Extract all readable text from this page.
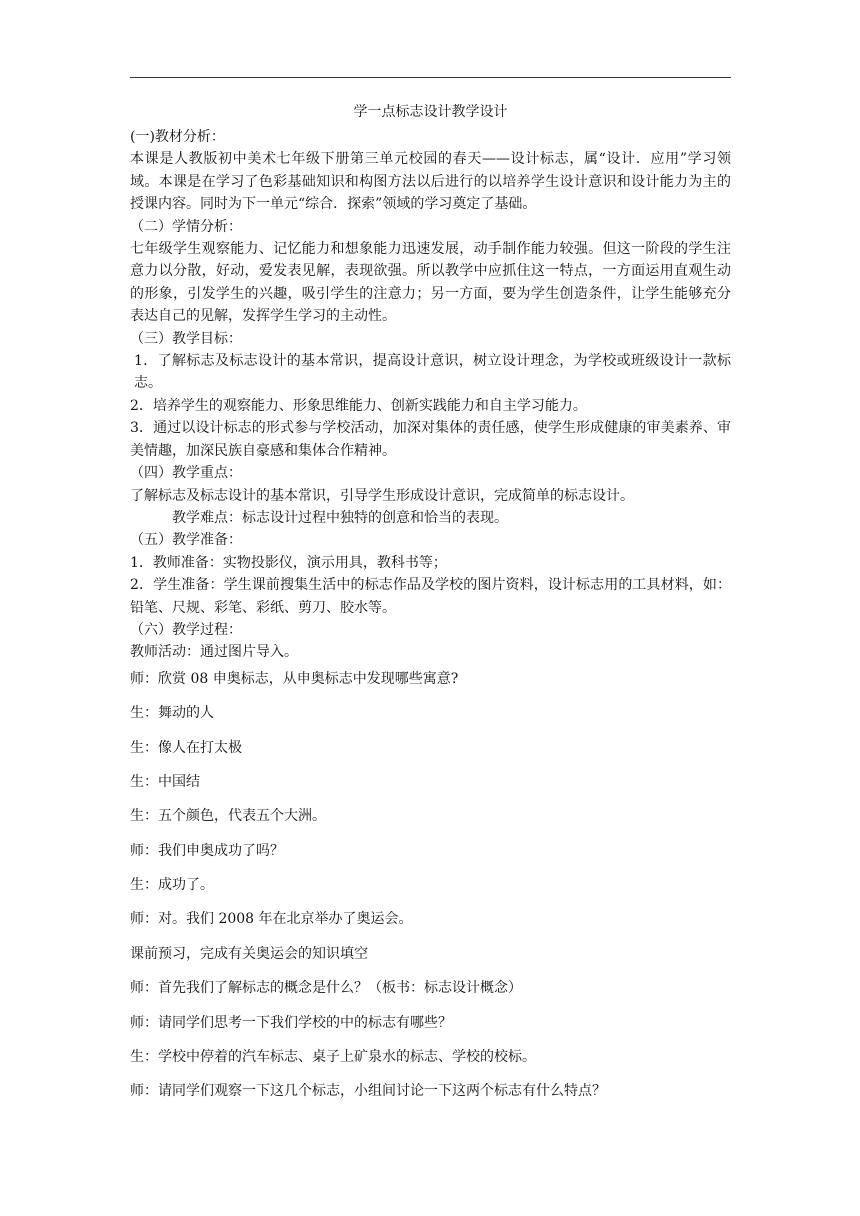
学一点标志设计教学设计
(一)教材分析：
本课是人教版初中美术七年级下册第三单元校园的春天——设计标志，属“设计．应用”学习领域。本课是在学习了色彩基础知识和构图方法以后进行的以培养学生设计意识和设计能力为主的授课内容。同时为下一单元“综合．探索”领域的学习奠定了基础。
（二）学情分析：
七年级学生观察能力、记忆能力和想象能力迅速发展，动手制作能力较强。但这一阶段的学生注意力以分散，好动，爱发表见解，表现欲强。所以教学中应抓住这一特点，一方面运用直观生动的形象，引发学生的兴趣，吸引学生的注意力；另一方面，要为学生创造条件，让学生能够充分表达自己的见解，发挥学生学习的主动性。
（三）教学目标：
1．了解标志及标志设计的基本常识，提高设计意识，树立设计理念，为学校或班级设计一款标志。
2．培养学生的观察能力、形象思维能力、创新实践能力和自主学习能力。
3．通过以设计标志的形式参与学校活动，加深对集体的责任感，使学生形成健康的审美素养、审美情趣，加深民族自豪感和集体合作精神。
（四）教学重点：
了解标志及标志设计的基本常识，引导学生形成设计意识，完成简单的标志设计。
教学难点：标志设计过程中独特的创意和恰当的表现。
（五）教学准备：
1．教师准备：实物投影仪，演示用具，教科书等；
2．学生准备：学生课前搜集生活中的标志作品及学校的图片资料，设计标志用的工具材料，如：铅笔、尺规、彩笔、彩纸、剪刀、胶水等。
（六）教学过程：
教师活动：通过图片导入。
师：欣赏 08 申奥标志，从申奥标志中发现哪些寓意?
生：舞动的人
生：像人在打太极
生：中国结
生：五个颜色，代表五个大洲。
师：我们申奥成功了吗？
生：成功了。
师：对。我们 2008 年在北京举办了奥运会。
课前预习，完成有关奥运会的知识填空
师：首先我们了解标志的概念是什么？（板书：标志设计概念）
师：请同学们思考一下我们学校的中的标志有哪些？
生：学校中停着的汽车标志、桌子上矿泉水的标志、学校的校标。
师：请同学们观察一下这几个标志，小组间讨论一下这两个标志有什么特点？
